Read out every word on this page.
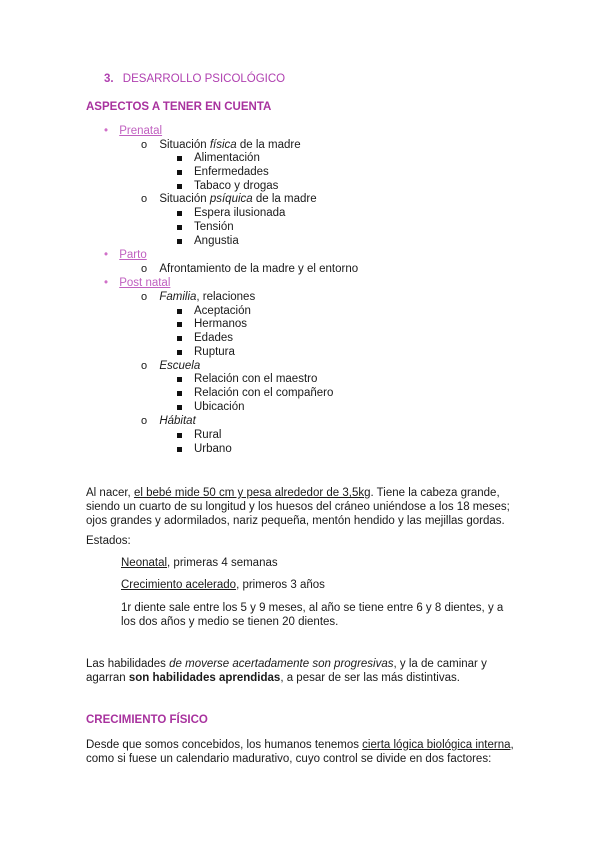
3. DESARROLLO PSICOLÓGICO
ASPECTOS A TENER EN CUENTA
• Prenatal
o Situación física de la madre
Alimentación
Enfermedades
Tabaco y drogas
o Situación psíquica de la madre
Espera ilusionada
Tensión
Angustia
• Parto
o Afrontamiento de la madre y el entorno
• Post natal
o Familia, relaciones
Aceptación
Hermanos
Edades
Ruptura
o Escuela
Relación con el maestro
Relación con el compañero
Ubicación
o Hábitat
Rural
Urbano
Al nacer, el bebé mide 50 cm y pesa alrededor de 3,5kg. Tiene la cabeza grande, siendo un cuarto de su longitud y los huesos del cráneo uniéndose a los 18 meses; ojos grandes y adormilados, nariz pequeña, mentón hendido y las mejillas gordas.
Estados:
Neonatal, primeras 4 semanas
Crecimiento acelerado, primeros 3 años
1r diente sale entre los 5 y 9 meses, al año se tiene entre 6 y 8 dientes, y a los dos años y medio se tienen 20 dientes.
Las habilidades de moverse acertadamente son progresivas, y la de caminar y agarran son habilidades aprendidas, a pesar de ser las más distintivas.
CRECIMIENTO FÍSICO
Desde que somos concebidos, los humanos tenemos cierta lógica biológica interna, como si fuese un calendario madurativo, cuyo control se divide en dos factores:
